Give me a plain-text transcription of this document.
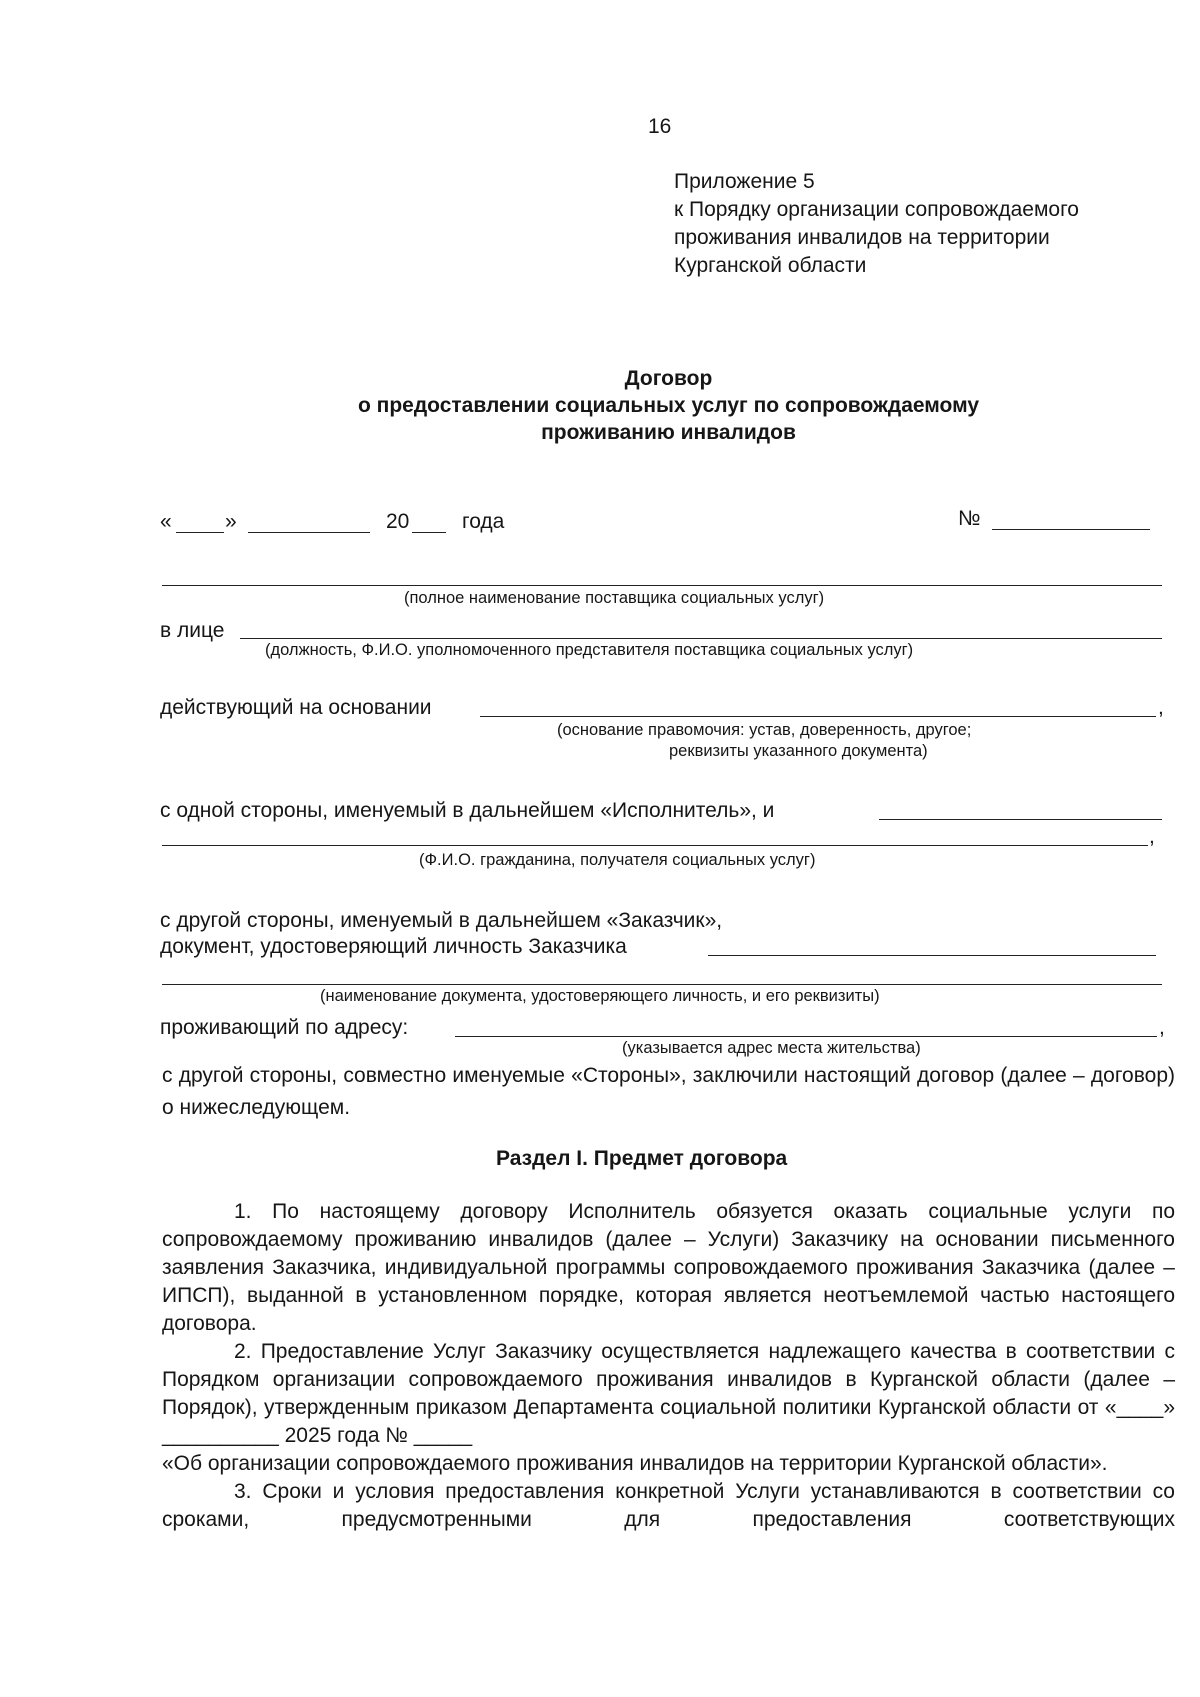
16
Приложение 5
к Порядку организации сопровождаемого
проживания инвалидов на территории
Курганской области
Договор
о предоставлении социальных услуг по сопровождаемому
проживанию инвалидов
«	»	20	года	№
(полное наименование поставщика социальных услуг)
в лице
(должность, Ф.И.О. уполномоченного представителя поставщика социальных услуг)
действующий на основании	,
(основание правомочия: устав, доверенность, другое;
реквизиты указанного документа)
с одной стороны, именуемый в дальнейшем «Исполнитель», и
,
(Ф.И.О. гражданина, получателя социальных услуг)
с другой стороны, именуемый в дальнейшем «Заказчик»,
документ, удостоверяющий личность Заказчика
(наименование документа, удостоверяющего личность, и его реквизиты)
проживающий по адресу:	,
(указывается адрес места жительства)

с другой стороны, совместно именуемые «Стороны», заключили настоящий договор (далее – договор) о нижеследующем.

Раздел I. Предмет договора

1. По настоящему договору Исполнитель обязуется оказать социальные услуги по сопровождаемому проживанию инвалидов (далее – Услуги) Заказчику на основании письменного заявления Заказчика, индивидуальной программы сопровождаемого проживания Заказчика (далее – ИПСП), выданной в установленном порядке, которая является неотъемлемой частью настоящего договора.

2. Предоставление Услуг Заказчику осуществляется надлежащего качества в соответствии с Порядком организации сопровождаемого проживания инвалидов в Курганской области (далее – Порядок), утвержденным приказом Департамента социальной политики Курганской области от «____» __________ 2025 года № _____

«Об организации сопровождаемого проживания инвалидов на территории Курганской области».

3. Сроки и условия предоставления конкретной Услуги устанавливаются в соответствии со сроками, предусмотренными для предоставления соответствующих
